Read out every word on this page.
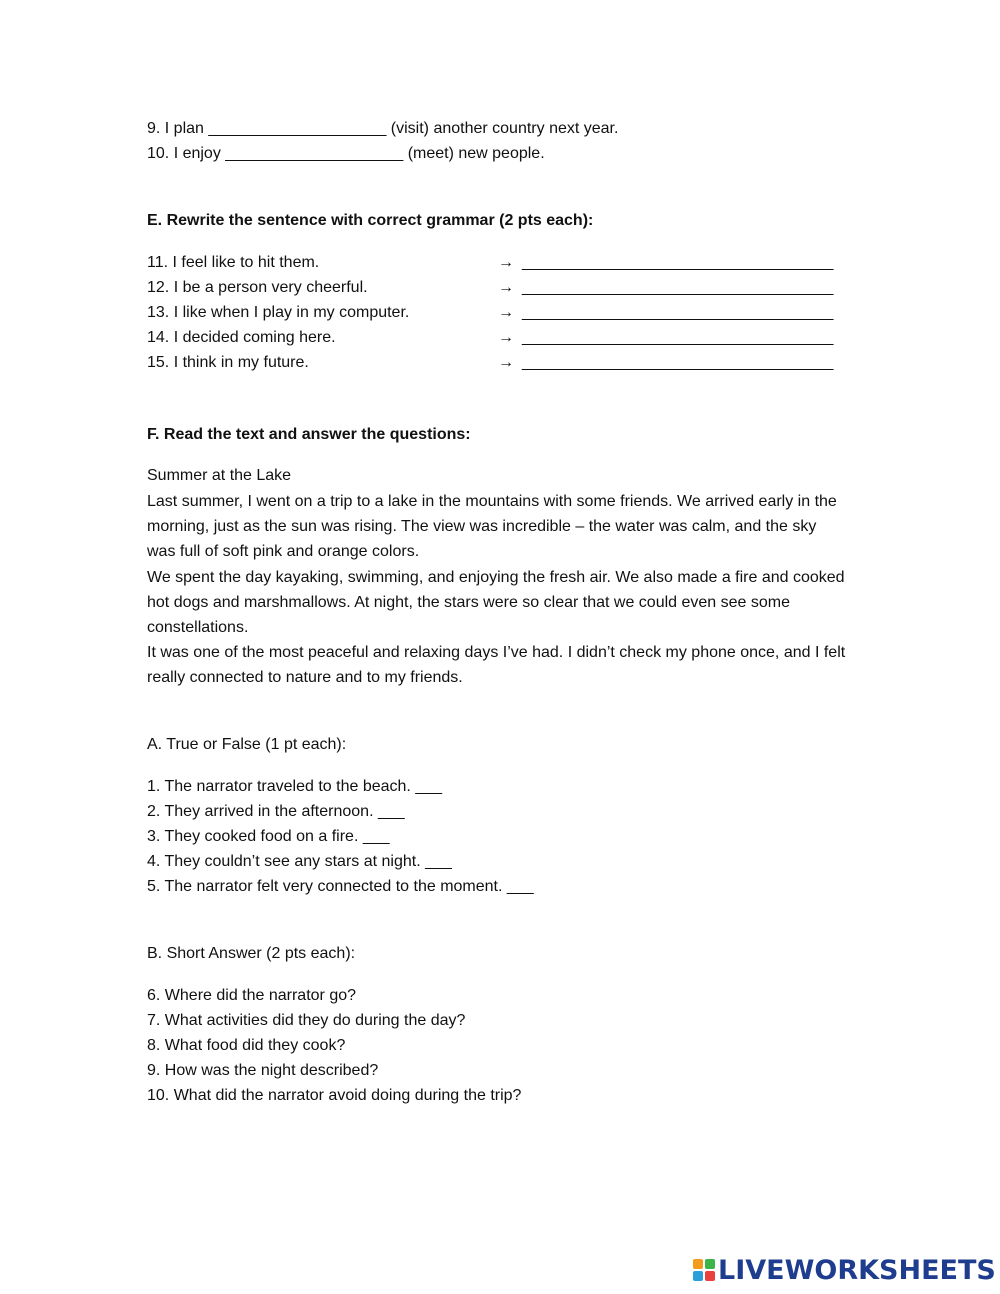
9. I plan ____________________ (visit) another country next year.
10. I enjoy ____________________ (meet) new people.
E. Rewrite the sentence with correct grammar (2 pts each):
11. I feel like to hit them.
12. I be a person very cheerful.
13. I like when I play in my computer.
14. I decided coming here.
15. I think in my future.
→
→
→
→
→
___________________________________
___________________________________
___________________________________
___________________________________
___________________________________
F. Read the text and answer the questions:
Summer at the Lake
Last summer, I went on a trip to a lake in the mountains with some friends. We arrived early in the morning, just as the sun was rising. The view was incredible – the water was calm, and the sky was full of soft pink and orange colors.
We spent the day kayaking, swimming, and enjoying the fresh air. We also made a fire and cooked hot dogs and marshmallows. At night, the stars were so clear that we could even see some constellations.
It was one of the most peaceful and relaxing days I’ve had. I didn’t check my phone once, and I felt really connected to nature and to my friends.
A. True or False (1 pt each):
1. The narrator traveled to the beach. ___
2. They arrived in the afternoon. ___
3. They cooked food on a fire. ___
4. They couldn’t see any stars at night. ___
5. The narrator felt very connected to the moment. ___
B. Short Answer (2 pts each):
6. Where did the narrator go?
7. What activities did they do during the day?
8. What food did they cook?
9. How was the night described?
10. What did the narrator avoid doing during the trip?
LIVEWORKSHEETS
